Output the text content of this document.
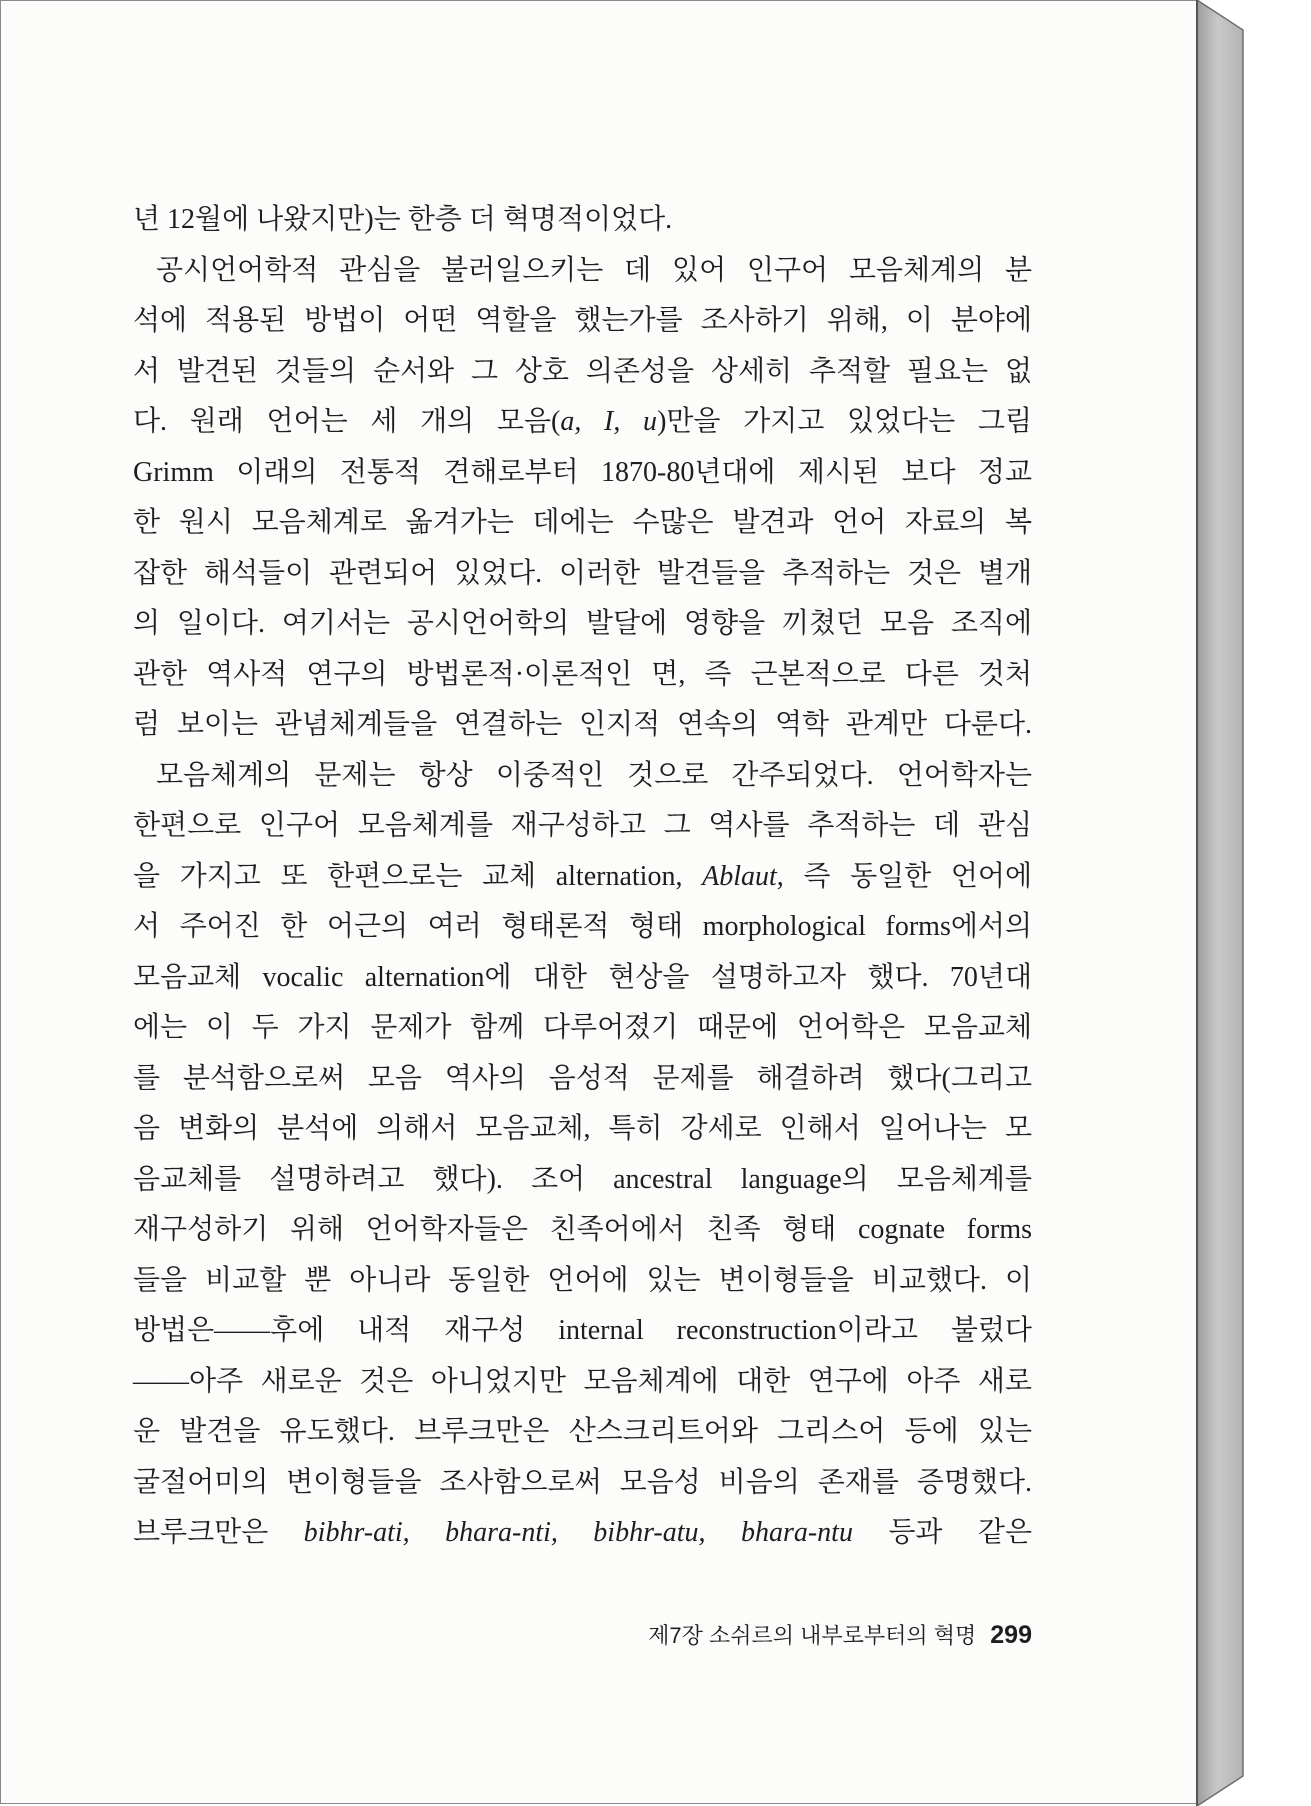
년 12월에 나왔지만)는 한층 더 혁명적이었다.
공시언어학적 관심을 불러일으키는 데 있어 인구어 모음체계의 분
석에 적용된 방법이 어떤 역할을 했는가를 조사하기 위해, 이 분야에
서 발견된 것들의 순서와 그 상호 의존성을 상세히 추적할 필요는 없
다. 원래 언어는 세 개의 모음(a, I, u)만을 가지고 있었다는 그림
Grimm 이래의 전통적 견해로부터 1870-80년대에 제시된 보다 정교
한 원시 모음체계로 옮겨가는 데에는 수많은 발견과 언어 자료의 복
잡한 해석들이 관련되어 있었다. 이러한 발견들을 추적하는 것은 별개
의 일이다. 여기서는 공시언어학의 발달에 영향을 끼쳤던 모음 조직에
관한 역사적 연구의 방법론적·이론적인 면, 즉 근본적으로 다른 것처
럼 보이는 관념체계들을 연결하는 인지적 연속의 역학 관계만 다룬다.
모음체계의 문제는 항상 이중적인 것으로 간주되었다. 언어학자는
한편으로 인구어 모음체계를 재구성하고 그 역사를 추적하는 데 관심
을 가지고 또 한편으로는 교체 alternation, Ablaut, 즉 동일한 언어에
서 주어진 한 어근의 여러 형태론적 형태 morphological forms에서의
모음교체 vocalic alternation에 대한 현상을 설명하고자 했다. 70년대
에는 이 두 가지 문제가 함께 다루어졌기 때문에 언어학은 모음교체
를 분석함으로써 모음 역사의 음성적 문제를 해결하려 했다(그리고
음 변화의 분석에 의해서 모음교체, 특히 강세로 인해서 일어나는 모
음교체를 설명하려고 했다). 조어 ancestral language의 모음체계를
재구성하기 위해 언어학자들은 친족어에서 친족 형태 cognate forms
들을 비교할 뿐 아니라 동일한 언어에 있는 변이형들을 비교했다. 이
방법은——후에 내적 재구성 internal reconstruction이라고 불렀다
——아주 새로운 것은 아니었지만 모음체계에 대한 연구에 아주 새로
운 발견을 유도했다. 브루크만은 산스크리트어와 그리스어 등에 있는
굴절어미의 변이형들을 조사함으로써 모음성 비음의 존재를 증명했다.
브루크만은 bibhr-ati, bhara-nti, bibhr-atu, bhara-ntu 등과 같은
제7장 소쉬르의 내부로부터의 혁명 299
